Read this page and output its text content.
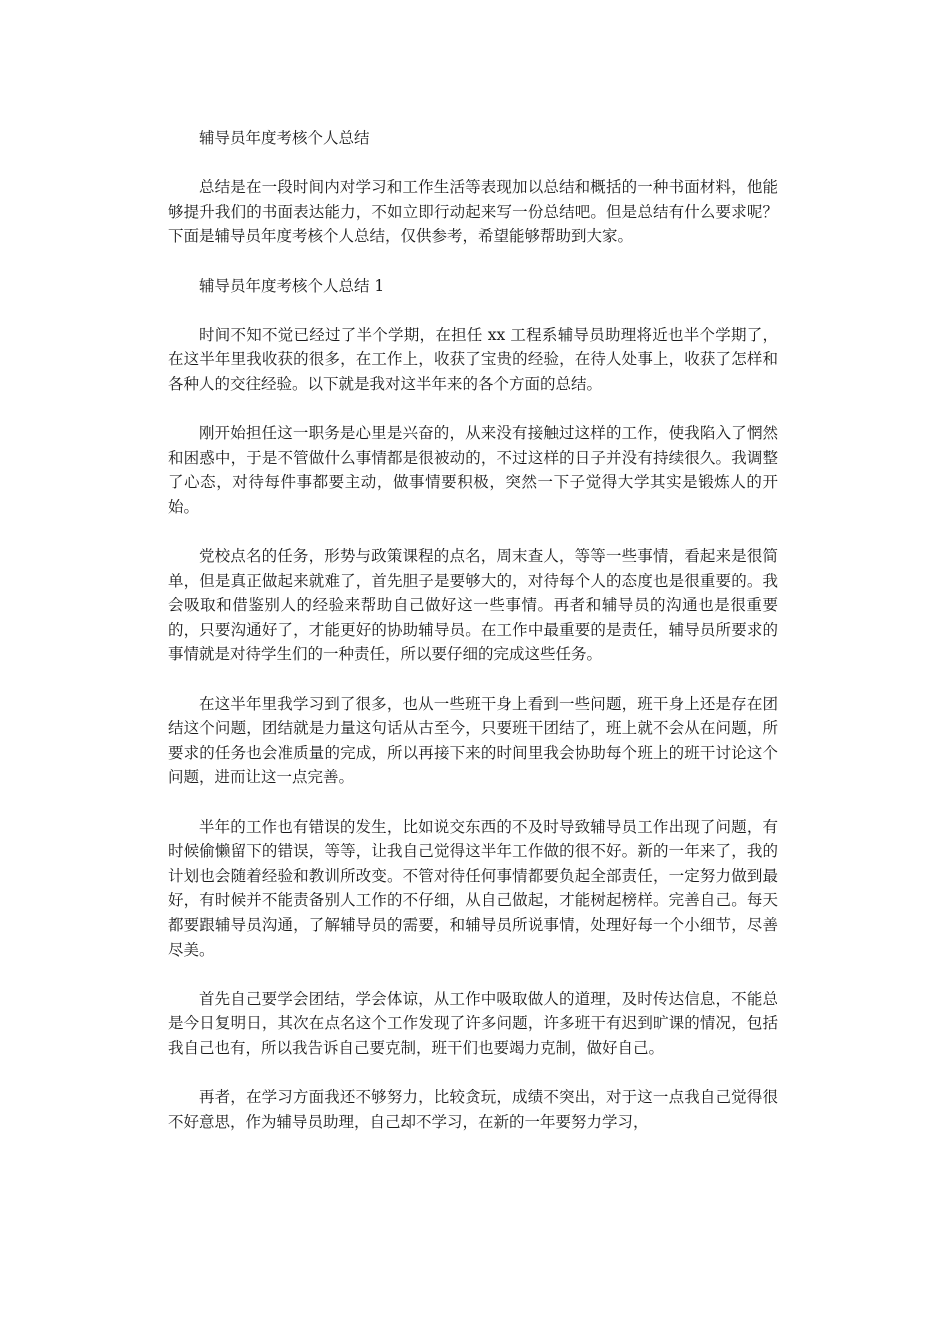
辅导员年度考核个人总结

总结是在一段时间内对学习和工作生活等表现加以总结和概括的一种书面材料，他能够提升我们的书面表达能力，不如立即行动起来写一份总结吧。但是总结有什么要求呢？下面是辅导员年度考核个人总结，仅供参考，希望能够帮助到大家。

辅导员年度考核个人总结 1

时间不知不觉已经过了半个学期，在担任 xx 工程系辅导员助理将近也半个学期了，在这半年里我收获的很多，在工作上，收获了宝贵的经验，在待人处事上，收获了怎样和各种人的交往经验。以下就是我对这半年来的各个方面的总结。

刚开始担任这一职务是心里是兴奋的，从来没有接触过这样的工作，使我陷入了惘然和困惑中，于是不管做什么事情都是很被动的，不过这样的日子并没有持续很久。我调整了心态，对待每件事都要主动，做事情要积极，突然一下子觉得大学其实是锻炼人的开始。

党校点名的任务，形势与政策课程的点名，周末查人，等等一些事情，看起来是很简单，但是真正做起来就难了，首先胆子是要够大的，对待每个人的态度也是很重要的。我会吸取和借鉴别人的经验来帮助自己做好这一些事情。再者和辅导员的沟通也是很重要的，只要沟通好了，才能更好的协助辅导员。在工作中最重要的是责任，辅导员所要求的事情就是对待学生们的一种责任，所以要仔细的完成这些任务。

在这半年里我学习到了很多，也从一些班干身上看到一些问题，班干身上还是存在团结这个问题，团结就是力量这句话从古至今，只要班干团结了，班上就不会从在问题，所要求的任务也会准质量的完成，所以再接下来的时间里我会协助每个班上的班干讨论这个问题，进而让这一点完善。

半年的工作也有错误的发生，比如说交东西的不及时导致辅导员工作出现了问题，有时候偷懒留下的错误，等等，让我自己觉得这半年工作做的很不好。新的一年来了，我的计划也会随着经验和教训所改变。不管对待任何事情都要负起全部责任，一定努力做到最好，有时候并不能责备别人工作的不仔细，从自己做起，才能树起榜样。完善自己。每天都要跟辅导员沟通，了解辅导员的需要，和辅导员所说事情，处理好每一个小细节，尽善尽美。

首先自己要学会团结，学会体谅，从工作中吸取做人的道理，及时传达信息，不能总是今日复明日，其次在点名这个工作发现了许多问题，许多班干有迟到旷课的情况，包括我自己也有，所以我告诉自己要克制，班干们也要竭力克制，做好自己。

再者，在学习方面我还不够努力，比较贪玩，成绩不突出，对于这一点我自己觉得很不好意思，作为辅导员助理，自己却不学习，在新的一年要努力学习，
